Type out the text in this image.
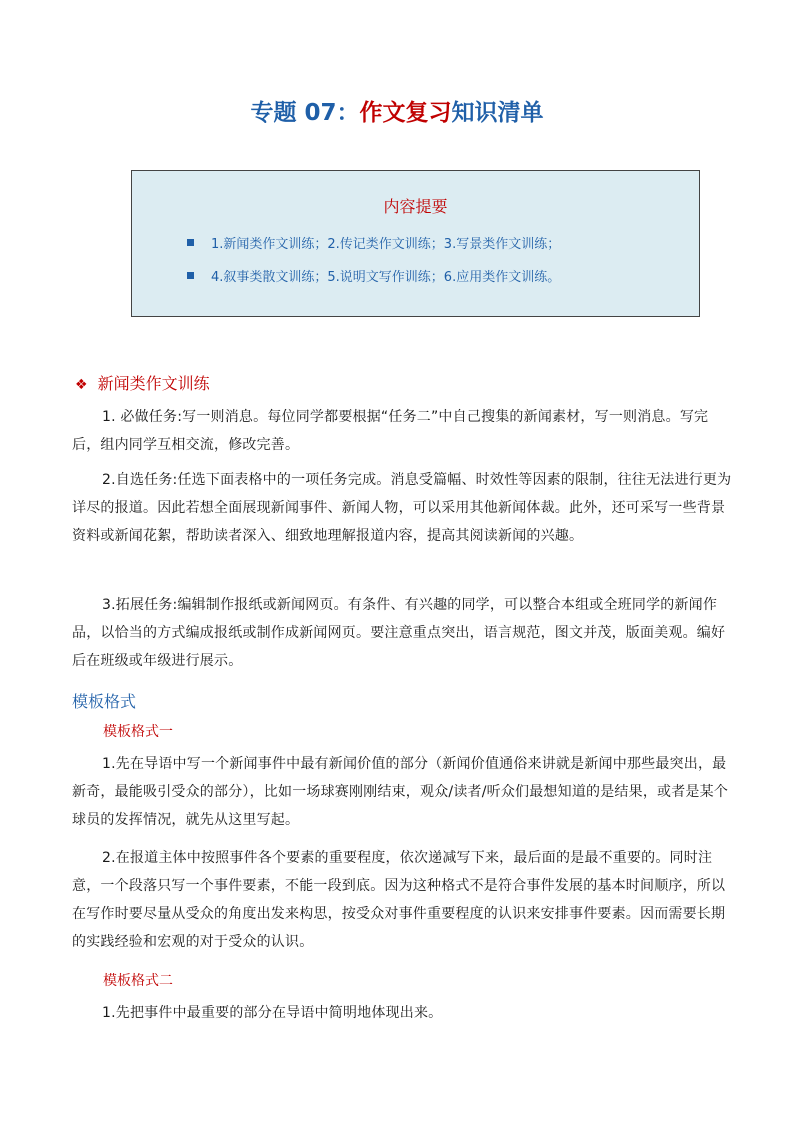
专题 07：作文复习知识清单
内容提要
1.新闻类作文训练；2.传记类作文训练；3.写景类作文训练；
4.叙事类散文训练；5.说明文写作训练；6.应用类作文训练。
❖ 新闻类作文训练
1. 必做任务:写一则消息。每位同学都要根据“任务二”中自己搜集的新闻素材，写一则消息。写完后，组内同学互相交流，修改完善。
2.自选任务:任选下面表格中的一项任务完成。消息受篇幅、时效性等因素的限制，往往无法进行更为详尽的报道。因此若想全面展现新闻事件、新闻人物，可以采用其他新闻体裁。此外，还可采写一些背景资料或新闻花絮，帮助读者深入、细致地理解报道内容，提高其阅读新闻的兴趣。
3.拓展任务:编辑制作报纸或新闻网页。有条件、有兴趣的同学，可以整合本组或全班同学的新闻作品，以恰当的方式编成报纸或制作成新闻网页。要注意重点突出，语言规范，图文并茂，版面美观。编好后在班级或年级进行展示。
模板格式
模板格式一
1.先在导语中写一个新闻事件中最有新闻价值的部分（新闻价值通俗来讲就是新闻中那些最突出，最新奇，最能吸引受众的部分），比如一场球赛刚刚结束，观众/读者/听众们最想知道的是结果，或者是某个球员的发挥情况，就先从这里写起。
2.在报道主体中按照事件各个要素的重要程度，依次递减写下来，最后面的是最不重要的。同时注意，一个段落只写一个事件要素，不能一段到底。因为这种格式不是符合事件发展的基本时间顺序，所以在写作时要尽量从受众的角度出发来构思，按受众对事件重要程度的认识来安排事件要素。因而需要长期的实践经验和宏观的对于受众的认识。
模板格式二
1.先把事件中最重要的部分在导语中简明地体现出来。
